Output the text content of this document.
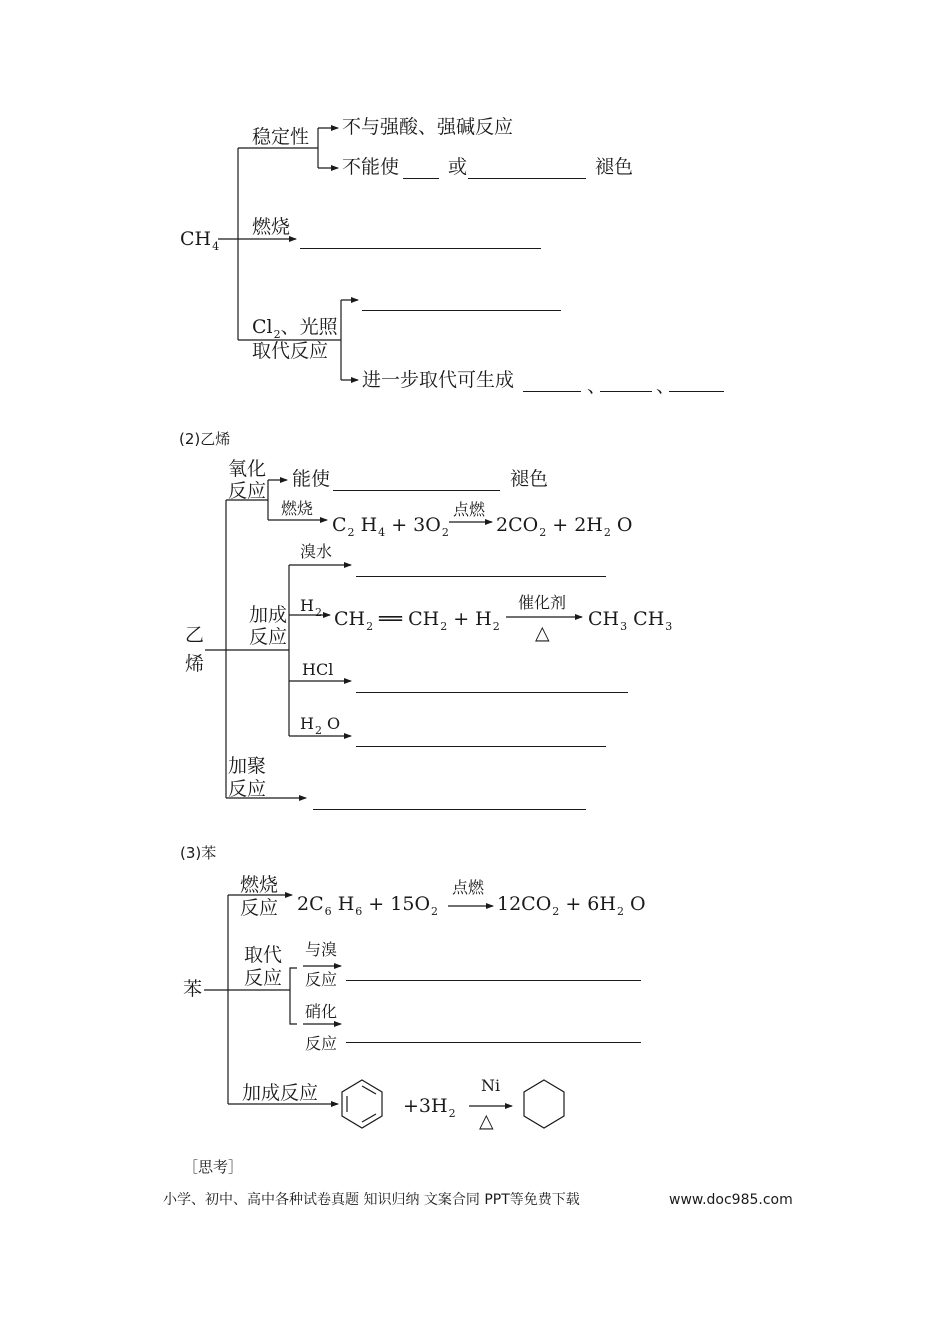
$CH_4$
稳定性 不与强酸、强碱反应
不能使	或	褪色
燃烧
$Cl_2$、光照
取代反应
进一步取代可生成	、	、
(2)乙烯
乙
烯
氧化
反应
能使	褪色
燃烧
$C_2$ $H_4 + 3O_2$
点燃
$2CO_2 + 2H_2$ O
溴水
加成
反应
$H_2$ $CH_2$ ══ $CH_2 + H_2$
催化剂
△
$CH_3$ $CH_3$
HCl
$H_2$ O
加聚
反应
(3)苯
苯
燃烧
反应 $2C_6$ $H_6 + 15O_2$
点燃
$12CO_2 + 6H_2$ O
取代
反应
与溴
反应
硝化
反应
加成反应
$+3H_2$
Ni
△
［思考］
小学、初中、高中各种试卷真题 知识归纳 文案合同 PPT等免费下载	www.doc985.com
